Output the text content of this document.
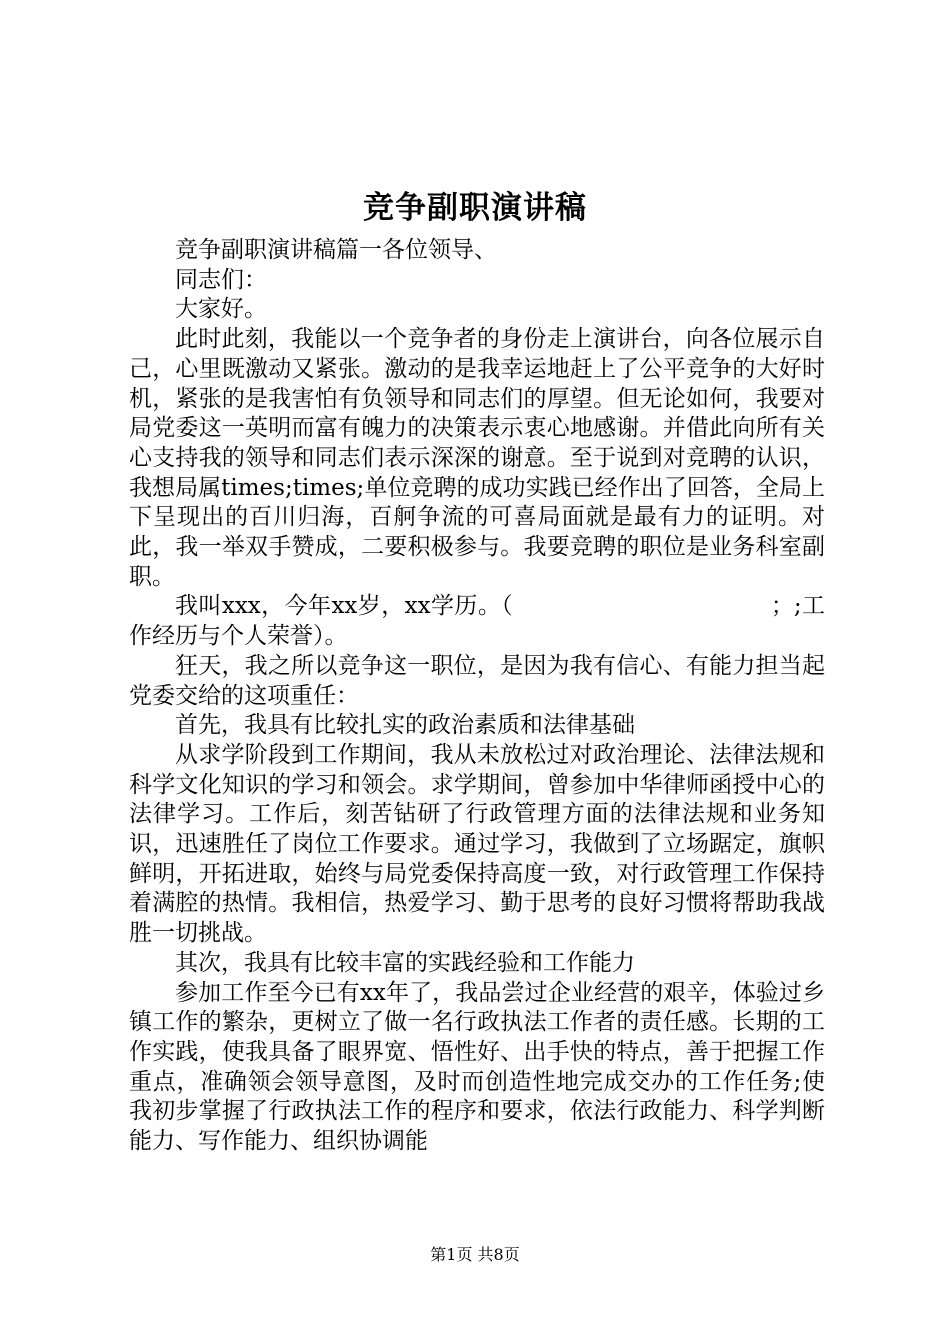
竞争副职演讲稿

竞争副职演讲稿篇一各位领导、

同志们：

大家好。

此时此刻，我能以一个竞争者的身份走上演讲台，向各位展示自己，心里既激动又紧张。激动的是我幸运地赶上了公平竞争的大好时机，紧张的是我害怕有负领导和同志们的厚望。但无论如何，我要对局党委这一英明而富有魄力的决策表示衷心地感谢。并借此向所有关心支持我的领导和同志们表示深深的谢意。至于说到对竞聘的认识，我想局属times;times;单位竞聘的成功实践已经作出了回答，全局上下呈现出的百川归海，百舸争流的可喜局面就是最有力的证明。对此，我一举双手赞成，二要积极参与。我要竞聘的职位是业务科室副职。

我叫xxx，今年xx岁，xx学历。（　　　　　　　　　　　；;工作经历与个人荣誉）。

狂天，我之所以竞争这一职位，是因为我有信心、有能力担当起党委交给的这项重任：

首先，我具有比较扎实的政治素质和法律基础

从求学阶段到工作期间，我从未放松过对政治理论、法律法规和科学文化知识的学习和领会。求学期间，曾参加中华律师函授中心的法律学习。工作后，刻苦钻研了行政管理方面的法律法规和业务知识，迅速胜任了岗位工作要求。通过学习，我做到了立场踞定，旗帜鲜明，开拓进取，始终与局党委保持高度一致，对行政管理工作保持着满腔的热情。我相信，热爱学习、勤于思考的良好习惯将帮助我战胜一切挑战。

其次，我具有比较丰富的实践经验和工作能力

参加工作至今已有xx年了，我品尝过企业经营的艰辛，体验过乡镇工作的繁杂，更树立了做一名行政执法工作者的责任感。长期的工作实践，使我具备了眼界宽、悟性好、出手快的特点，善于把握工作重点，准确领会领导意图，及时而创造性地完成交办的工作任务;使我初步掌握了行政执法工作的程序和要求，依法行政能力、科学判断能力、写作能力、组织协调能

第1页 共8页
